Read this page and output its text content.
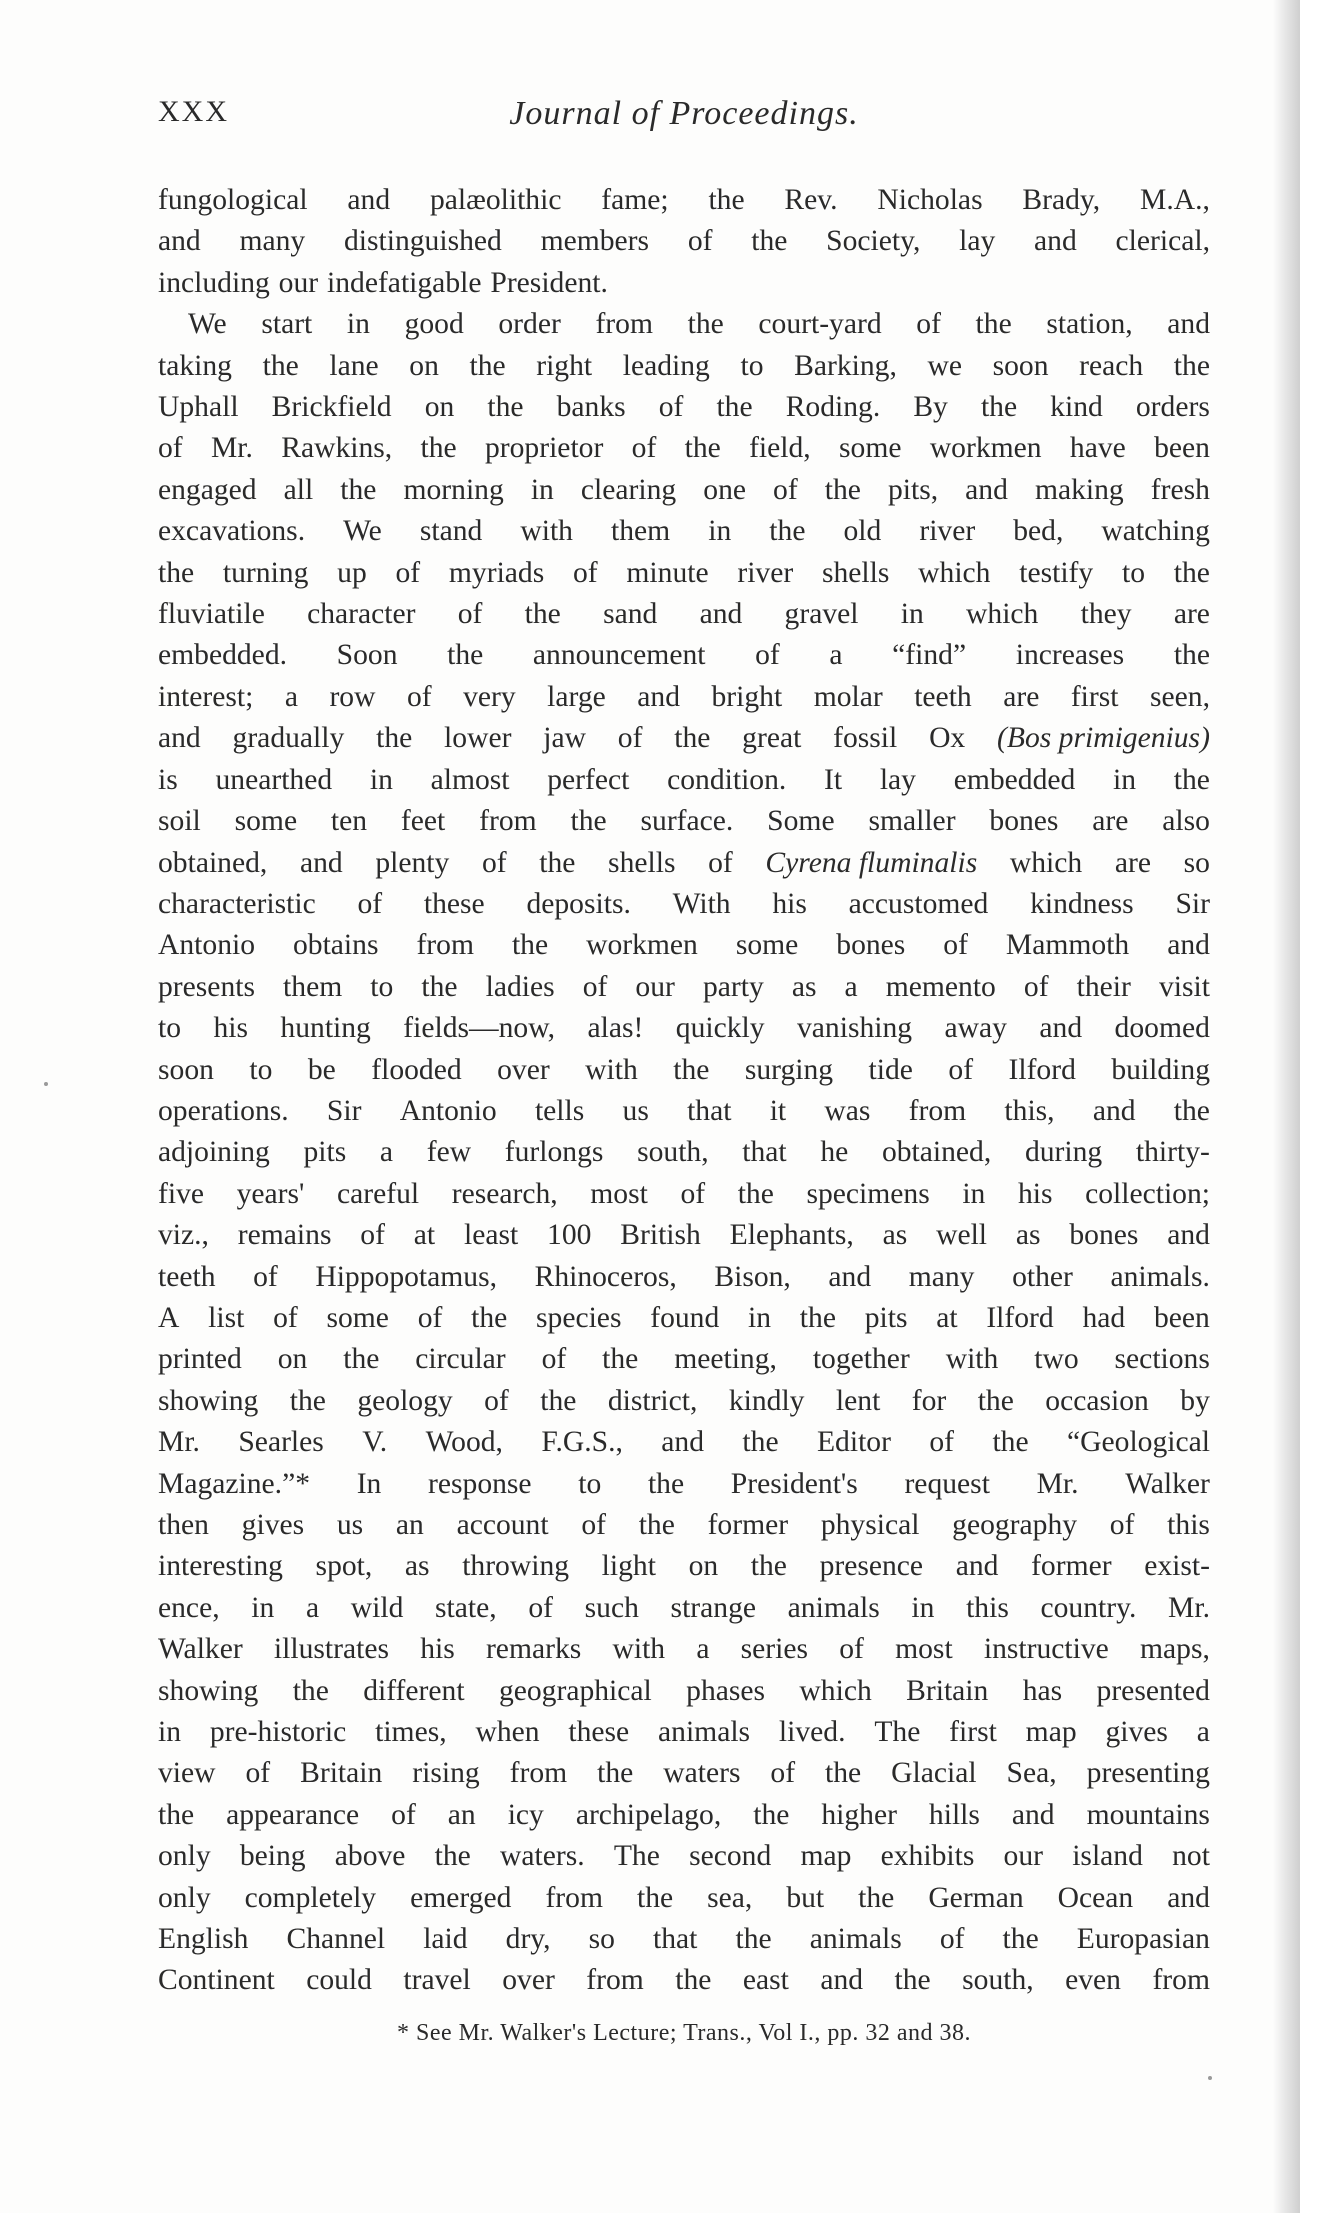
XXX	Journal of Proceedings.
fungological and palæolithic fame; the Rev. Nicholas Brady, M.A.,
and many distinguished members of the Society, lay and clerical,
including our indefatigable President.
We start in good order from the court-yard of the station, and
taking the lane on the right leading to Barking, we soon reach the
Uphall Brickfield on the banks of the Roding. By the kind orders
of Mr. Rawkins, the proprietor of the field, some workmen have been
engaged all the morning in clearing one of the pits, and making fresh
excavations. We stand with them in the old river bed, watching
the turning up of myriads of minute river shells which testify to the
fluviatile character of the sand and gravel in which they are
embedded. Soon the announcement of a “find” increases the
interest; a row of very large and bright molar teeth are first seen,
and gradually the lower jaw of the great fossil Ox (Bos primigenius)
is unearthed in almost perfect condition. It lay embedded in the
soil some ten feet from the surface. Some smaller bones are also
obtained, and plenty of the shells of Cyrena fluminalis which are so
characteristic of these deposits. With his accustomed kindness Sir
Antonio obtains from the workmen some bones of Mammoth and
presents them to the ladies of our party as a memento of their visit
to his hunting fields—now, alas! quickly vanishing away and doomed
soon to be flooded over with the surging tide of Ilford building
operations. Sir Antonio tells us that it was from this, and the
adjoining pits a few furlongs south, that he obtained, during thirty-
five years' careful research, most of the specimens in his collection;
viz., remains of at least 100 British Elephants, as well as bones and
teeth of Hippopotamus, Rhinoceros, Bison, and many other animals.
A list of some of the species found in the pits at Ilford had been
printed on the circular of the meeting, together with two sections
showing the geology of the district, kindly lent for the occasion by
Mr. Searles V. Wood, F.G.S., and the Editor of the “Geological
Magazine.”* In response to the President's request Mr. Walker
then gives us an account of the former physical geography of this
interesting spot, as throwing light on the presence and former exist-
ence, in a wild state, of such strange animals in this country. Mr.
Walker illustrates his remarks with a series of most instructive maps,
showing the different geographical phases which Britain has presented
in pre-historic times, when these animals lived. The first map gives a
view of Britain rising from the waters of the Glacial Sea, presenting
the appearance of an icy archipelago, the higher hills and mountains
only being above the waters. The second map exhibits our island not
only completely emerged from the sea, but the German Ocean and
English Channel laid dry, so that the animals of the Europasian
Continent could travel over from the east and the south, even from
* See Mr. Walker's Lecture; Trans., Vol I., pp. 32 and 38.
